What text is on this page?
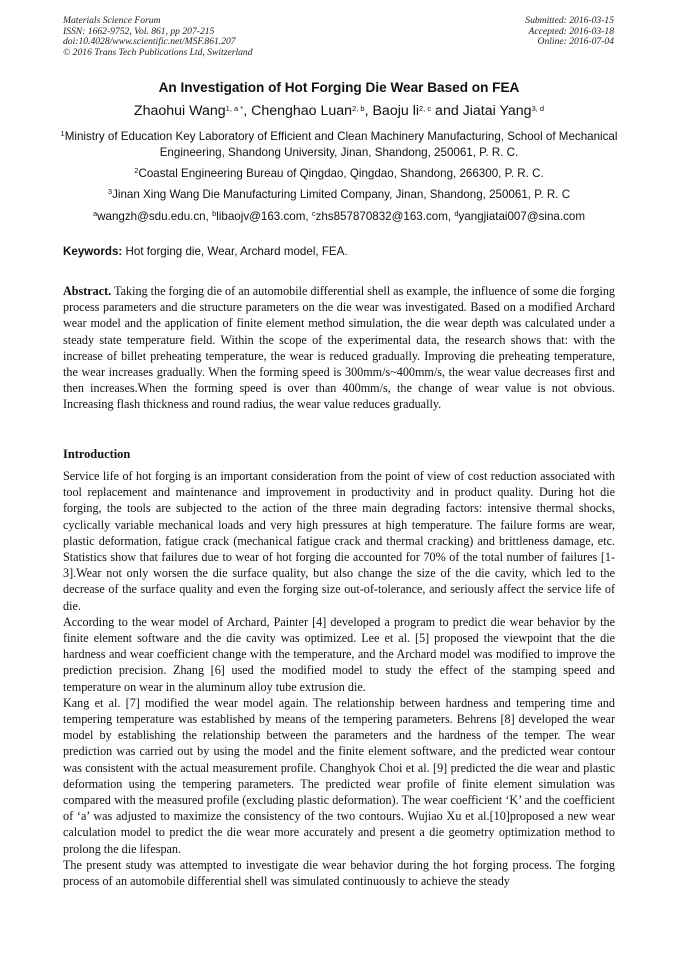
Materials Science Forum
ISSN: 1662-9752, Vol. 861, pp 207-215
doi:10.4028/www.scientific.net/MSF.861.207
© 2016 Trans Tech Publications Ltd, Switzerland
Submitted: 2016-03-15
Accepted: 2016-03-18
Online: 2016-07-04
An Investigation of Hot Forging Die Wear Based on FEA
Zhaohui Wang$^{1, a *}$, Chenghao Luan$^{2, b}$, Baoju li$^{2, c}$ and Jiatai Yang$^{3, d}$
$^1$Ministry of Education Key Laboratory of Efficient and Clean Machinery Manufacturing, School of Mechanical Engineering, Shandong University, Jinan, Shandong, 250061, P. R. C.
$^2$Coastal Engineering Bureau of Qingdao, Qingdao, Shandong, 266300, P. R. C.
$^3$Jinan Xing Wang Die Manufacturing Limited Company, Jinan, Shandong, 250061, P. R. C
$^a$wangzh@sdu.edu.cn, $^b$libaojv@163.com, $^c$zhs857870832@163.com, $^d$yangjiatai007@sina.com
Keywords: Hot forging die, Wear, Archard model, FEA.

Abstract. Taking the forging die of an automobile differential shell as example, the influence of some die forging process parameters and die structure parameters on the die wear was investigated. Based on a modified Archard wear model and the application of finite element method simulation, the die wear depth was calculated under a steady state temperature field. Within the scope of the experimental data, the research shows that: with the increase of billet preheating temperature, the wear is reduced gradually. Improving die preheating temperature, the wear increases gradually. When the forming speed is 300mm/s~400mm/s, the wear value decreases first and then increases.When the forming speed is over than 400mm/s, the change of wear value is not obvious. Increasing flash thickness and round radius, the wear value reduces gradually.

Introduction

Service life of hot forging is an important consideration from the point of view of cost reduction associated with tool replacement and maintenance and improvement in productivity and in product quality. During hot die forging, the tools are subjected to the action of the three main degrading factors: intensive thermal shocks, cyclically variable mechanical loads and very high pressures at high temperature. The failure forms are wear, plastic deformation, fatigue crack (mechanical fatigue crack and thermal cracking) and brittleness damage, etc. Statistics show that failures due to wear of hot forging die accounted for 70% of the total number of failures [1-3].Wear not only worsen the die surface quality, but also change the size of the die cavity, which led to the decrease of the surface quality and even the forging size out-of-tolerance, and seriously affect the service life of die.

According to the wear model of Archard, Painter [4] developed a program to predict die wear behavior by the finite element software and the die cavity was optimized. Lee et al. [5] proposed the viewpoint that the die hardness and wear coefficient change with the temperature, and the Archard model was modified to improve the prediction precision. Zhang [6] used the modified model to study the effect of the stamping speed and temperature on wear in the aluminum alloy tube extrusion die.

Kang et al. [7] modified the wear model again. The relationship between hardness and tempering time and tempering temperature was established by means of the tempering parameters. Behrens [8] developed the wear model by establishing the relationship between the parameters and the hardness of the temper. The wear prediction was carried out by using the model and the finite element software, and the predicted wear contour was consistent with the actual measurement profile. Changhyok Choi et al. [9] predicted the die wear and plastic deformation using the tempering parameters. The predicted wear profile of finite element simulation was compared with the measured profile (excluding plastic deformation). The wear coefficient ‘K’ and the coefficient of ‘a’ was adjusted to maximize the consistency of the two contours. Wujiao Xu et al.[10]proposed a new wear calculation model to predict the die wear more accurately and present a die geometry optimization method to prolong the die lifespan.

The present study was attempted to investigate die wear behavior during the hot forging process. The forging process of an automobile differential shell was simulated continuously to achieve the steady
